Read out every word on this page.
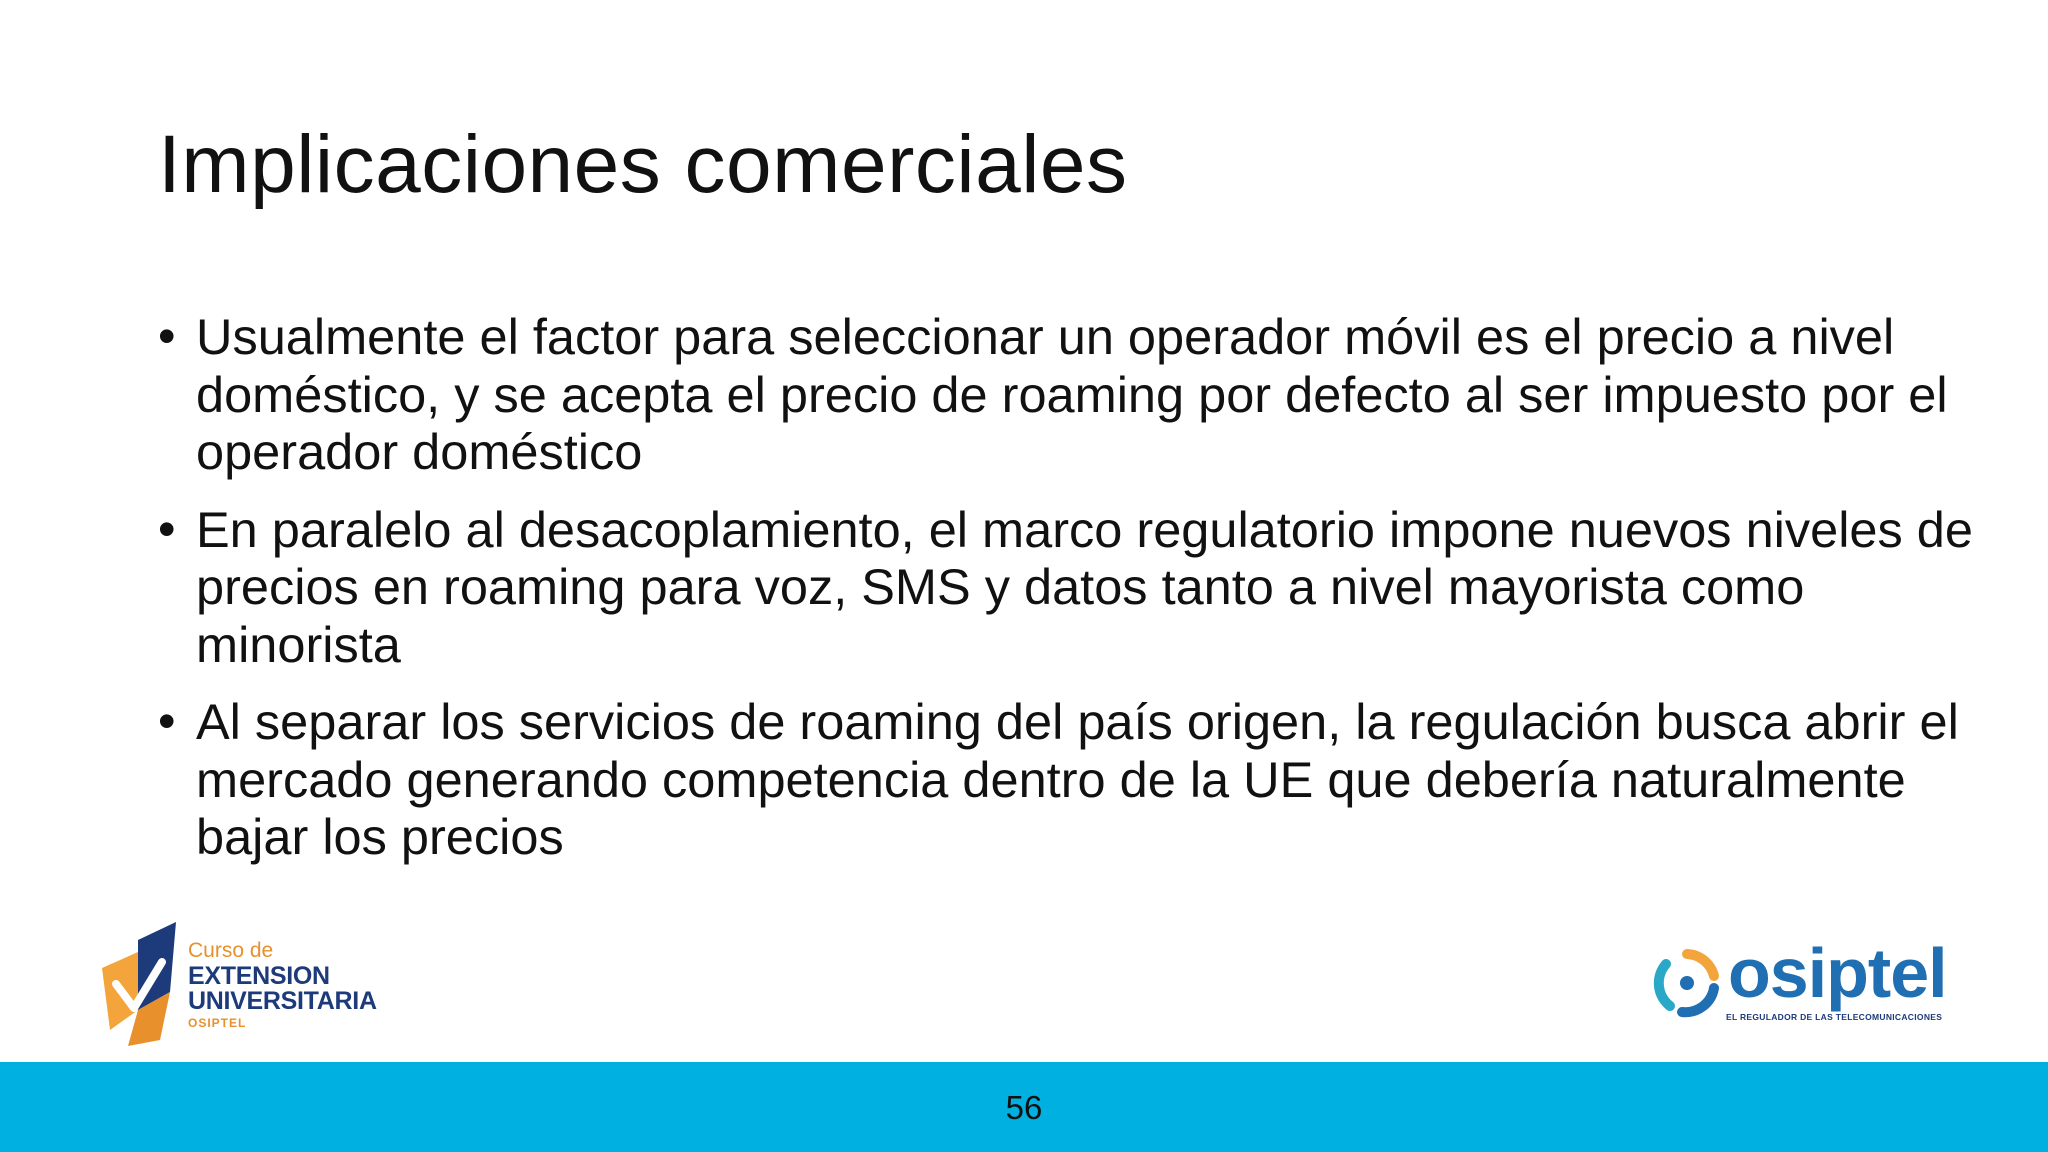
Implicaciones comerciales
• Usualmente el factor para seleccionar un operador móvil es el precio a nivel doméstico, y se acepta el precio de roaming por defecto al ser impuesto por el operador doméstico
• En paralelo al desacoplamiento, el marco regulatorio impone nuevos niveles de precios en roaming para voz, SMS y datos tanto a nivel mayorista como minorista
• Al separar los servicios de roaming del país origen, la regulación busca abrir el mercado generando competencia dentro de la UE que debería naturalmente bajar los precios
Curso de
EXTENSION
UNIVERSITARIA
OSIPTEL
osiptel
EL REGULADOR DE LAS TELECOMUNICACIONES
56
